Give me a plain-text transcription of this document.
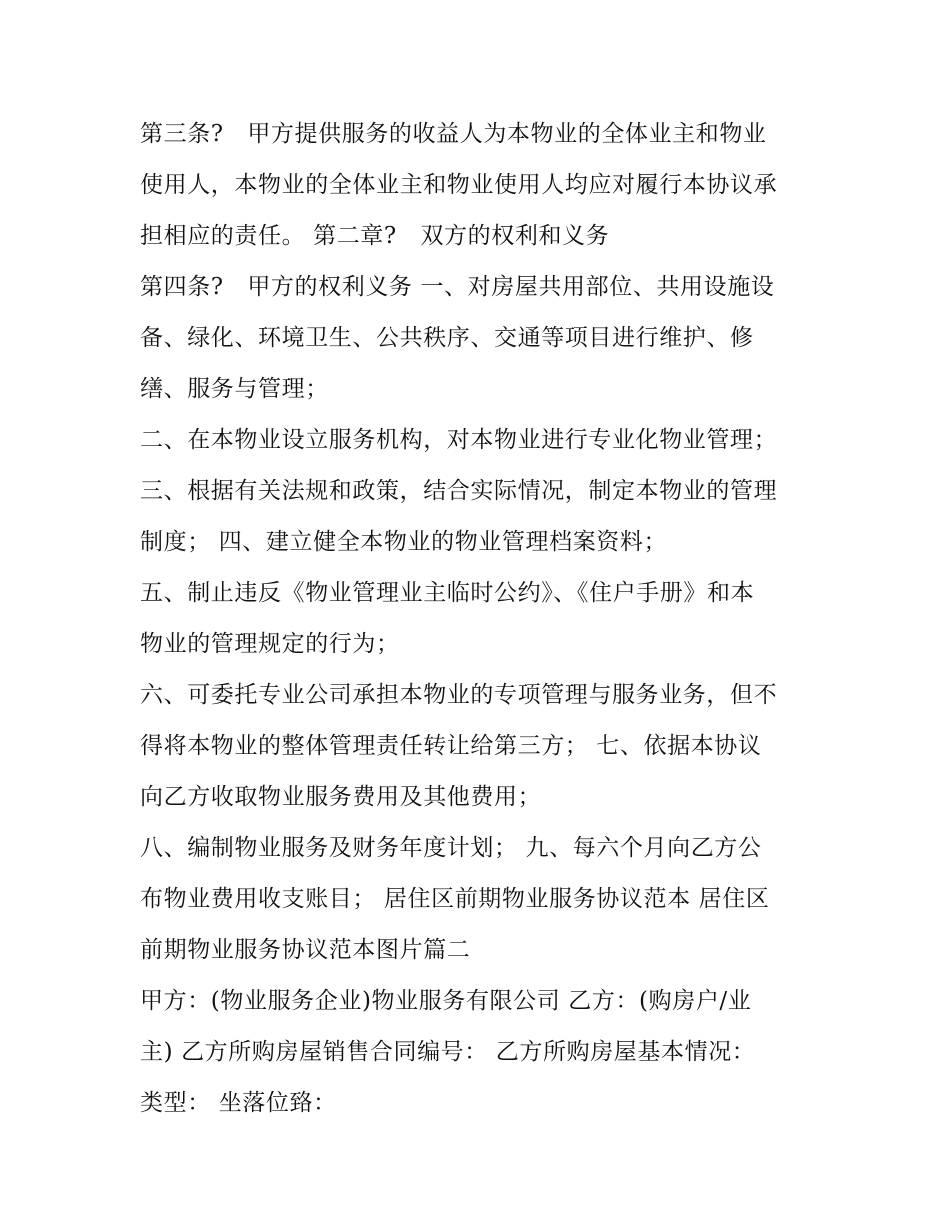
第三条?　甲方提供服务的收益人为本物业的全体业主和物业
使用人，本物业的全体业主和物业使用人均应对履行本协议承
担相应的责任。 第二章?　双方的权利和义务
第四条?　甲方的权利义务 一、对房屋共用部位、共用设施设
备、绿化、环境卫生、公共秩序、交通等项目进行维护、修
缮、服务与管理；
二、在本物业设立服务机构，对本物业进行专业化物业管理；
三、根据有关法规和政策，结合实际情况，制定本物业的管理
制度； 四、建立健全本物业的物业管理档案资料；
五、制止违反《物业管理业主临时公约》、《住户手册》和本
物业的管理规定的行为；
六、可委托专业公司承担本物业的专项管理与服务业务，但不
得将本物业的整体管理责任转让给第三方； 七、依据本协议
向乙方收取物业服务费用及其他费用；
八、编制物业服务及财务年度计划； 九、每六个月向乙方公
布物业费用收支账目； 居住区前期物业服务协议范本 居住区
前期物业服务协议范本图片篇二
甲方：(物业服务企业)物业服务有限公司 乙方：(购房户/业
主) 乙方所购房屋销售合同编号： 乙方所购房屋基本情况：
类型： 坐落位臵：
